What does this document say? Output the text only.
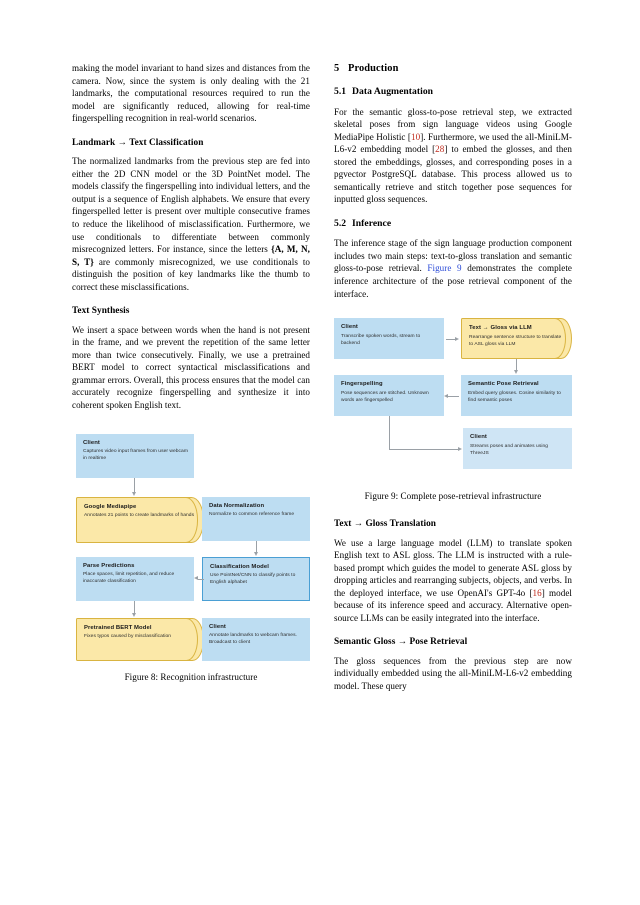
making the model invariant to hand sizes and distances from the camera. Now, since the system is only dealing with the 21 landmarks, the computational resources required to run the model are significantly reduced, allowing for real-time fingerspelling recognition in real-world scenarios.

Landmark → Text Classification

The normalized landmarks from the previous step are fed into either the 2D CNN model or the 3D PointNet model. The models classify the fingerspelling into individual letters, and the output is a sequence of English alphabets. We ensure that every fingerspelled letter is present over multiple consecutive frames to reduce the likelihood of misclassification. Furthermore, we use conditionals to differentiate between commonly misrecognized letters. For instance, since the letters {A, M, N, S, T} are commonly misrecognized, we use conditionals to distinguish the position of key landmarks like the thumb to correct these misclassifications.

Text Synthesis

We insert a space between words when the hand is not present in the frame, and we prevent the repetition of the same letter more than twice consecutively. Finally, we use a pretrained BERT model to correct syntactical misclassifications and grammar errors. Overall, this process ensures that the model can accurately recognize fingerspelling and synthesize it into coherent spoken English text.

Client
Captures video input frames from user webcam in realtime
Google Mediapipe
Annotates 21 points to create landmarks of hands
Data Normalization
Normalize to common reference frame
Classification Model
Use PointNet/CNN to classify points to English alphabet
Parse Predictions
Place spaces, limit repetition, and reduce inaccurate classification
Pretrained BERT Model
Fixes typos caused by misclassification
Client
Annotate landmarks to webcam frames. Broadcast to client
Figure 8: Recognition infrastructure
5 Production
5.1 Data Augmentation

For the semantic gloss-to-pose retrieval step, we extracted skeletal poses from sign language videos using Google MediaPipe Holistic [10]. Furthermore, we used the all-MiniLM-L6-v2 embedding model [28] to embed the glosses, and then stored the embeddings, glosses, and corresponding poses in a pgvector PostgreSQL database. This process allowed us to semantically retrieve and stitch together pose sequences for inputted gloss sequences.

5.2 Inference

The inference stage of the sign language production component includes two main steps: text-to-gloss translation and semantic gloss-to-pose retrieval. Figure 9 demonstrates the complete inference architecture of the pose retrieval component of the interface.

Client
Transcribe spoken words, stream to backend
Text → Gloss via LLM
Rearrange sentence structure to translate to ASL gloss via LLM
Semantic Pose Retrieval
Embed query glosses. Cosine similarity to find semantic poses
Fingerspelling
Pose sequences are stitched. Unknown words are fingerspelled
Client
Streams poses and animates using ThreeJS
Figure 9: Complete pose-retrieval infrastructure
Text → Gloss Translation

We use a large language model (LLM) to translate spoken English text to ASL gloss. The LLM is instructed with a rule-based prompt which guides the model to generate ASL gloss by dropping articles and rearranging subjects, objects, and verbs. In the deployed interface, we use OpenAI's GPT-4o [16] model because of its inference speed and accuracy. Alternative open-source LLMs can be easily integrated into the interface.

Semantic Gloss → Pose Retrieval

The gloss sequences from the previous step are now individually embedded using the all-MiniLM-L6-v2 embedding model. These query
